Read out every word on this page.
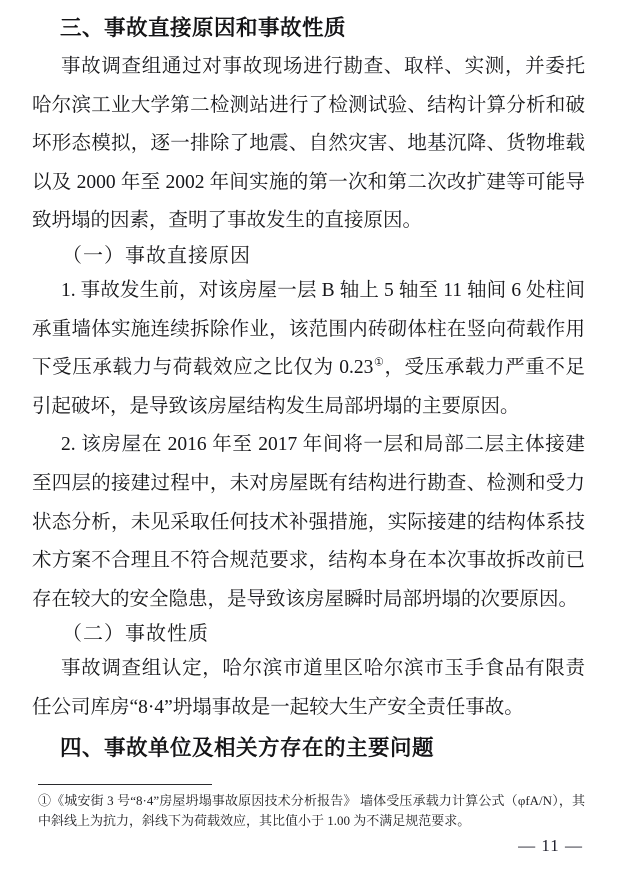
三、事故直接原因和事故性质

事故调查组通过对事故现场进行勘查、取样、实测，并委托哈尔滨工业大学第二检测站进行了检测试验、结构计算分析和破坏形态模拟，逐一排除了地震、自然灾害、地基沉降、货物堆载以及 2000 年至 2002 年间实施的第一次和第二次改扩建等可能导致坍塌的因素，查明了事故发生的直接原因。

（一）事故直接原因

1. 事故发生前，对该房屋一层 B 轴上 5 轴至 11 轴间 6 处柱间承重墙体实施连续拆除作业，该范围内砖砌体柱在竖向荷载作用下受压承载力与荷载效应之比仅为 0.23①，受压承载力严重不足引起破坏，是导致该房屋结构发生局部坍塌的主要原因。

2. 该房屋在 2016 年至 2017 年间将一层和局部二层主体接建至四层的接建过程中，未对房屋既有结构进行勘查、检测和受力状态分析，未见采取任何技术补强措施，实际接建的结构体系技术方案不合理且不符合规范要求，结构本身在本次事故拆改前已存在较大的安全隐患，是导致该房屋瞬时局部坍塌的次要原因。

（二）事故性质

事故调查组认定，哈尔滨市道里区哈尔滨市玉手食品有限责任公司库房“8·4”坍塌事故是一起较大生产安全责任事故。

四、事故单位及相关方存在的主要问题
①《城安街 3 号“8·4”房屋坍塌事故原因技术分析报告》 墙体受压承载力计算公式（φfA/N），其中斜线上为抗力，斜线下为荷载效应，其比值小于 1.00 为不满足规范要求。
— 11 —
